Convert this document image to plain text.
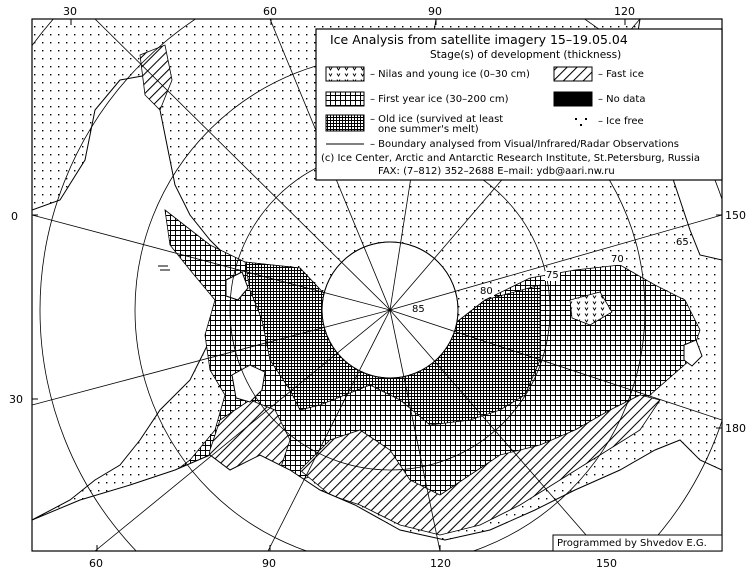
30	60	90	120
60	90	120	150
0
30
150
180
85
80
75
70
65
Ice Analysis from satellite imagery 15–19.05.04
Stage(s) of development (thickness)
– Nilas and young ice (0–30 cm)	– Fast ice
– First year ice (30–200 cm)	– No data
– Old ice (survived at least
one summer's melt)
– Ice free
– Boundary analysed from Visual/Infrared/Radar Observations
(c) Ice Center, Arctic and Antarctic Research Institute, St.Petersburg, Russia
FAX: (7–812) 352–2688 E–mail: ydb@aari.nw.ru
Programmed by Shvedov E.G.
